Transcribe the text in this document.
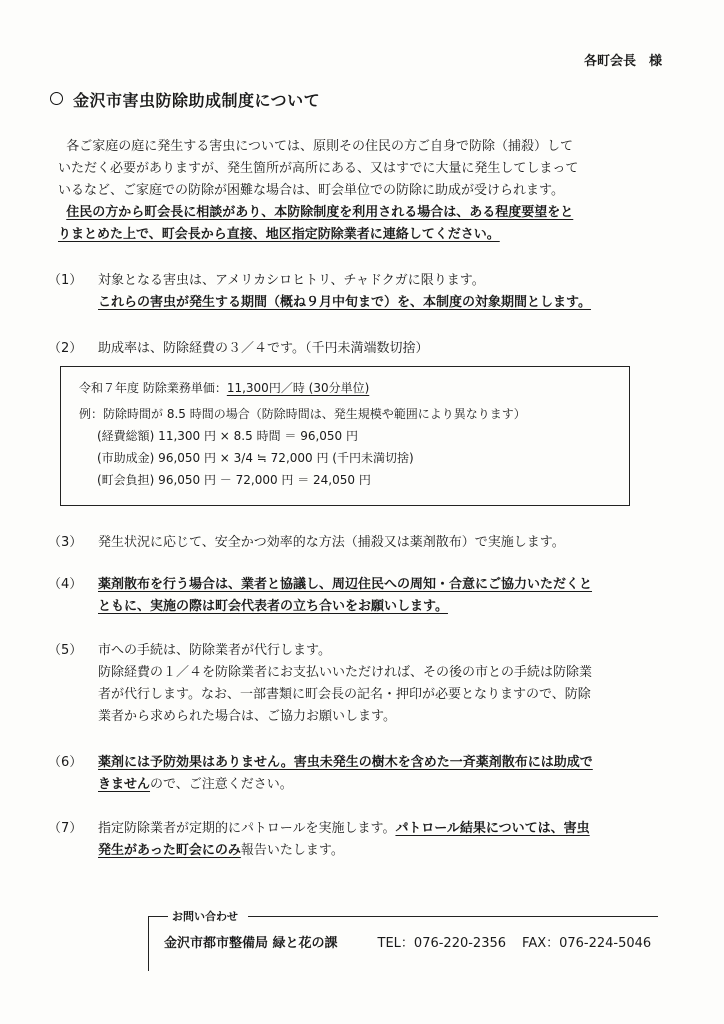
各町会長　様
金沢市害虫防除助成制度について
各ご家庭の庭に発生する害虫については、原則その住民の方ご自身で防除（捕殺）して
いただく必要がありますが、発生箇所が高所にある、又はすでに大量に発生してしまって
いるなど、ご家庭での防除が困難な場合は、町会単位での防除に助成が受けられます。
住民の方から町会長に相談があり、本防除制度を利用される場合は、ある程度要望をと
りまとめた上で、町会長から直接、地区指定防除業者に連絡してください。
（1） 対象となる害虫は、アメリカシロヒトリ、チャドクガに限ります。
これらの害虫が発生する期間（概ね９月中旬まで）を、本制度の対象期間とします。
（2） 助成率は、防除経費の３／４です。（千円未満端数切捨）
令和７年度 防除業務単価：11,300円／時 (30分単位)
例：防除時間が 8.5 時間の場合（防除時間は、発生規模や範囲により異なります）
(経費総額) 11,300 円 × 8.5 時間 ＝ 96,050 円
(市助成金) 96,050 円 × 3/4 ≒ 72,000 円 (千円未満切捨)
(町会負担) 96,050 円 － 72,000 円 ＝ 24,050 円
（3） 発生状況に応じて、安全かつ効率的な方法（捕殺又は薬剤散布）で実施します。
（4） 薬剤散布を行う場合は、業者と協議し、周辺住民への周知・合意にご協力いただくと
ともに、実施の際は町会代表者の立ち合いをお願いします。
（5） 市への手続は、防除業者が代行します。
防除経費の１／４を防除業者にお支払いいただければ、その後の市との手続は防除業
者が代行します。なお、一部書類に町会長の記名・押印が必要となりますので、防除
業者から求められた場合は、ご協力お願いします。
（6） 薬剤には予防効果はありません。害虫未発生の樹木を含めた一斉薬剤散布には助成で
きませんので、ご注意ください。
（7） 指定防除業者が定期的にパトロールを実施します。パトロール結果については、害虫
発生があった町会にのみ報告いたします。
お問い合わせ
金沢市都市整備局 緑と花の課	TEL：076-220-2356 FAX：076-224-5046
